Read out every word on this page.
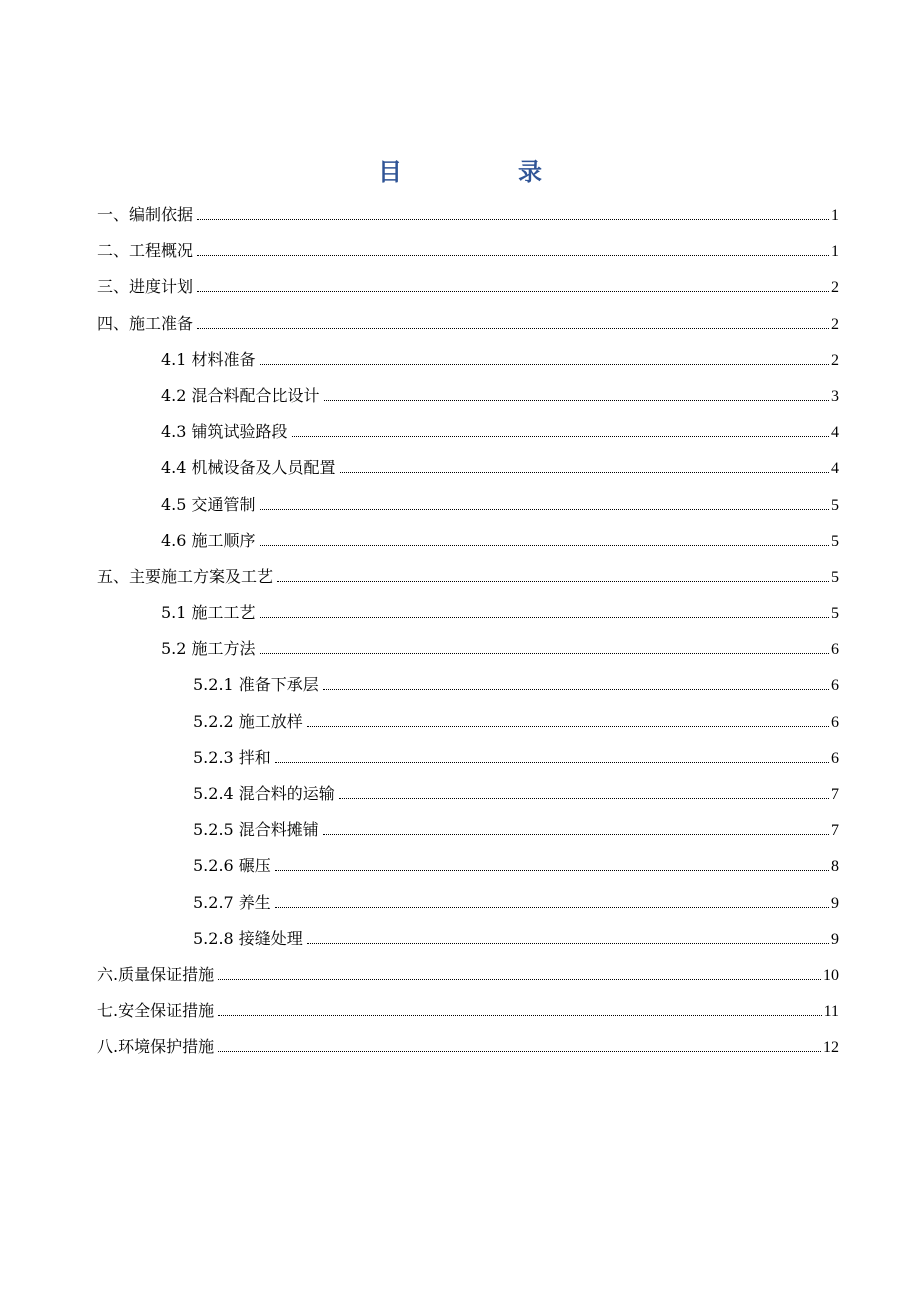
目　录
一、编制依据	1
二、工程概况	1
三、进度计划	2
四、施工准备	2
4.1 材料准备	2
4.2 混合料配合比设计	3
4.3 铺筑试验路段	4
4.4 机械设备及人员配置	4
4.5 交通管制	5
4.6 施工顺序	5
五、主要施工方案及工艺	5
5.1 施工工艺	5
5.2 施工方法	6
5.2.1 准备下承层	6
5.2.2 施工放样	6
5.2.3 拌和	6
5.2.4 混合料的运输	7
5.2.5 混合料摊铺	7
5.2.6 碾压	8
5.2.7 养生	9
5.2.8 接缝处理	9
六.质量保证措施	10
七.安全保证措施	11
八.环境保护措施	12
